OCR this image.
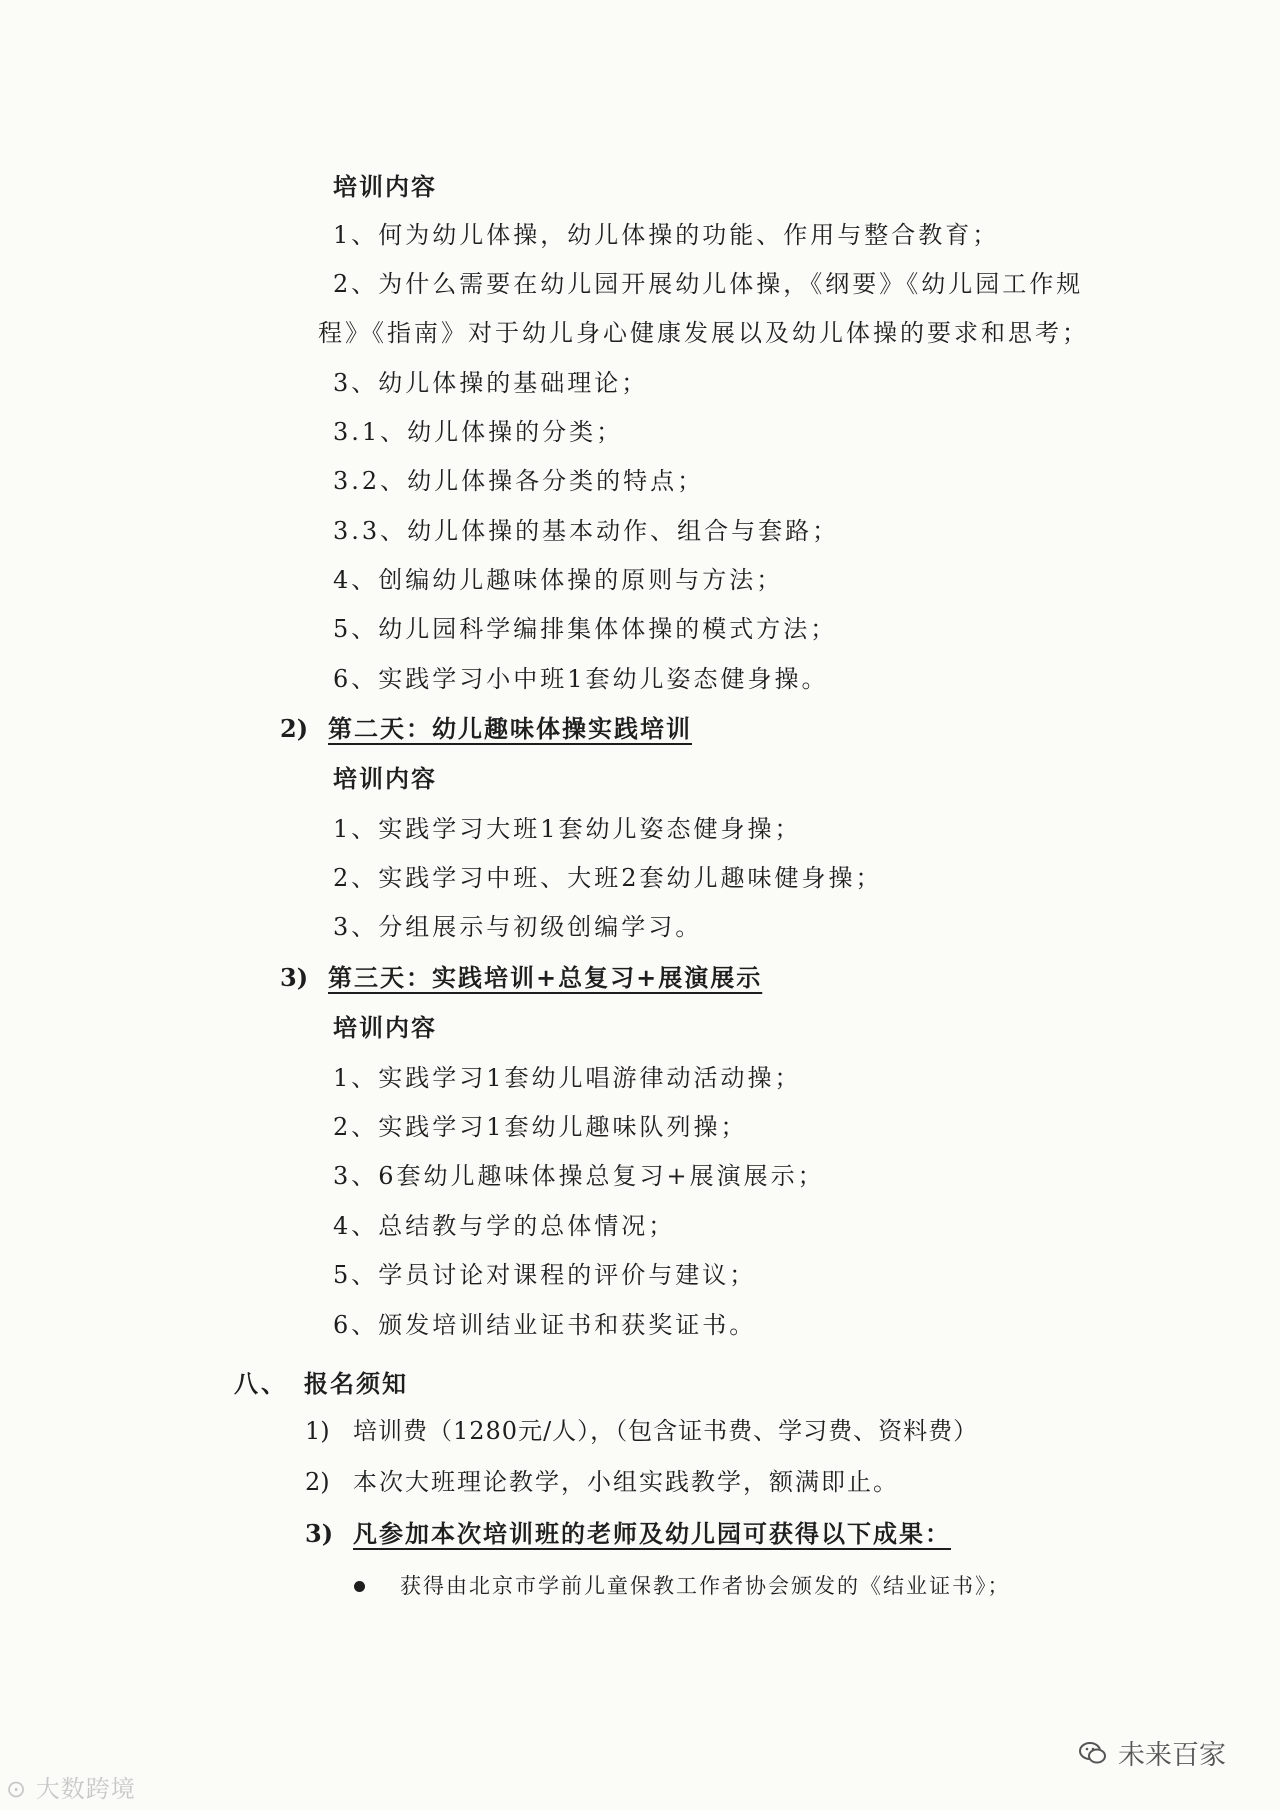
培训内容
1、何为幼儿体操，幼儿体操的功能、作用与整合教育；
2、为什么需要在幼儿园开展幼儿体操，《纲要》《幼儿园工作规
程》《指南》对于幼儿身心健康发展以及幼儿体操的要求和思考；
3、幼儿体操的基础理论；
3.1、幼儿体操的分类；
3.2、幼儿体操各分类的特点；
3.3、幼儿体操的基本动作、组合与套路；
4、创编幼儿趣味体操的原则与方法；
5、幼儿园科学编排集体体操的模式方法；
6、实践学习小中班1套幼儿姿态健身操。
2) 第二天：幼儿趣味体操实践培训
培训内容
1、实践学习大班1套幼儿姿态健身操；
2、实践学习中班、大班2套幼儿趣味健身操；
3、分组展示与初级创编学习。
3) 第三天：实践培训+总复习+展演展示
培训内容
1、实践学习1套幼儿唱游律动活动操；
2、实践学习1套幼儿趣味队列操；
3、6套幼儿趣味体操总复习+展演展示；
4、总结教与学的总体情况；
5、学员讨论对课程的评价与建议；
6、颁发培训结业证书和获奖证书。
八、 报名须知
1) 培训费（1280元/人），（包含证书费、学习费、资料费）
2) 本次大班理论教学，小组实践教学，额满即止。
3) 凡参加本次培训班的老师及幼儿园可获得以下成果：
获得由北京市学前儿童保教工作者协会颁发的《结业证书》；
⊙ 大数跨境
未来百家
